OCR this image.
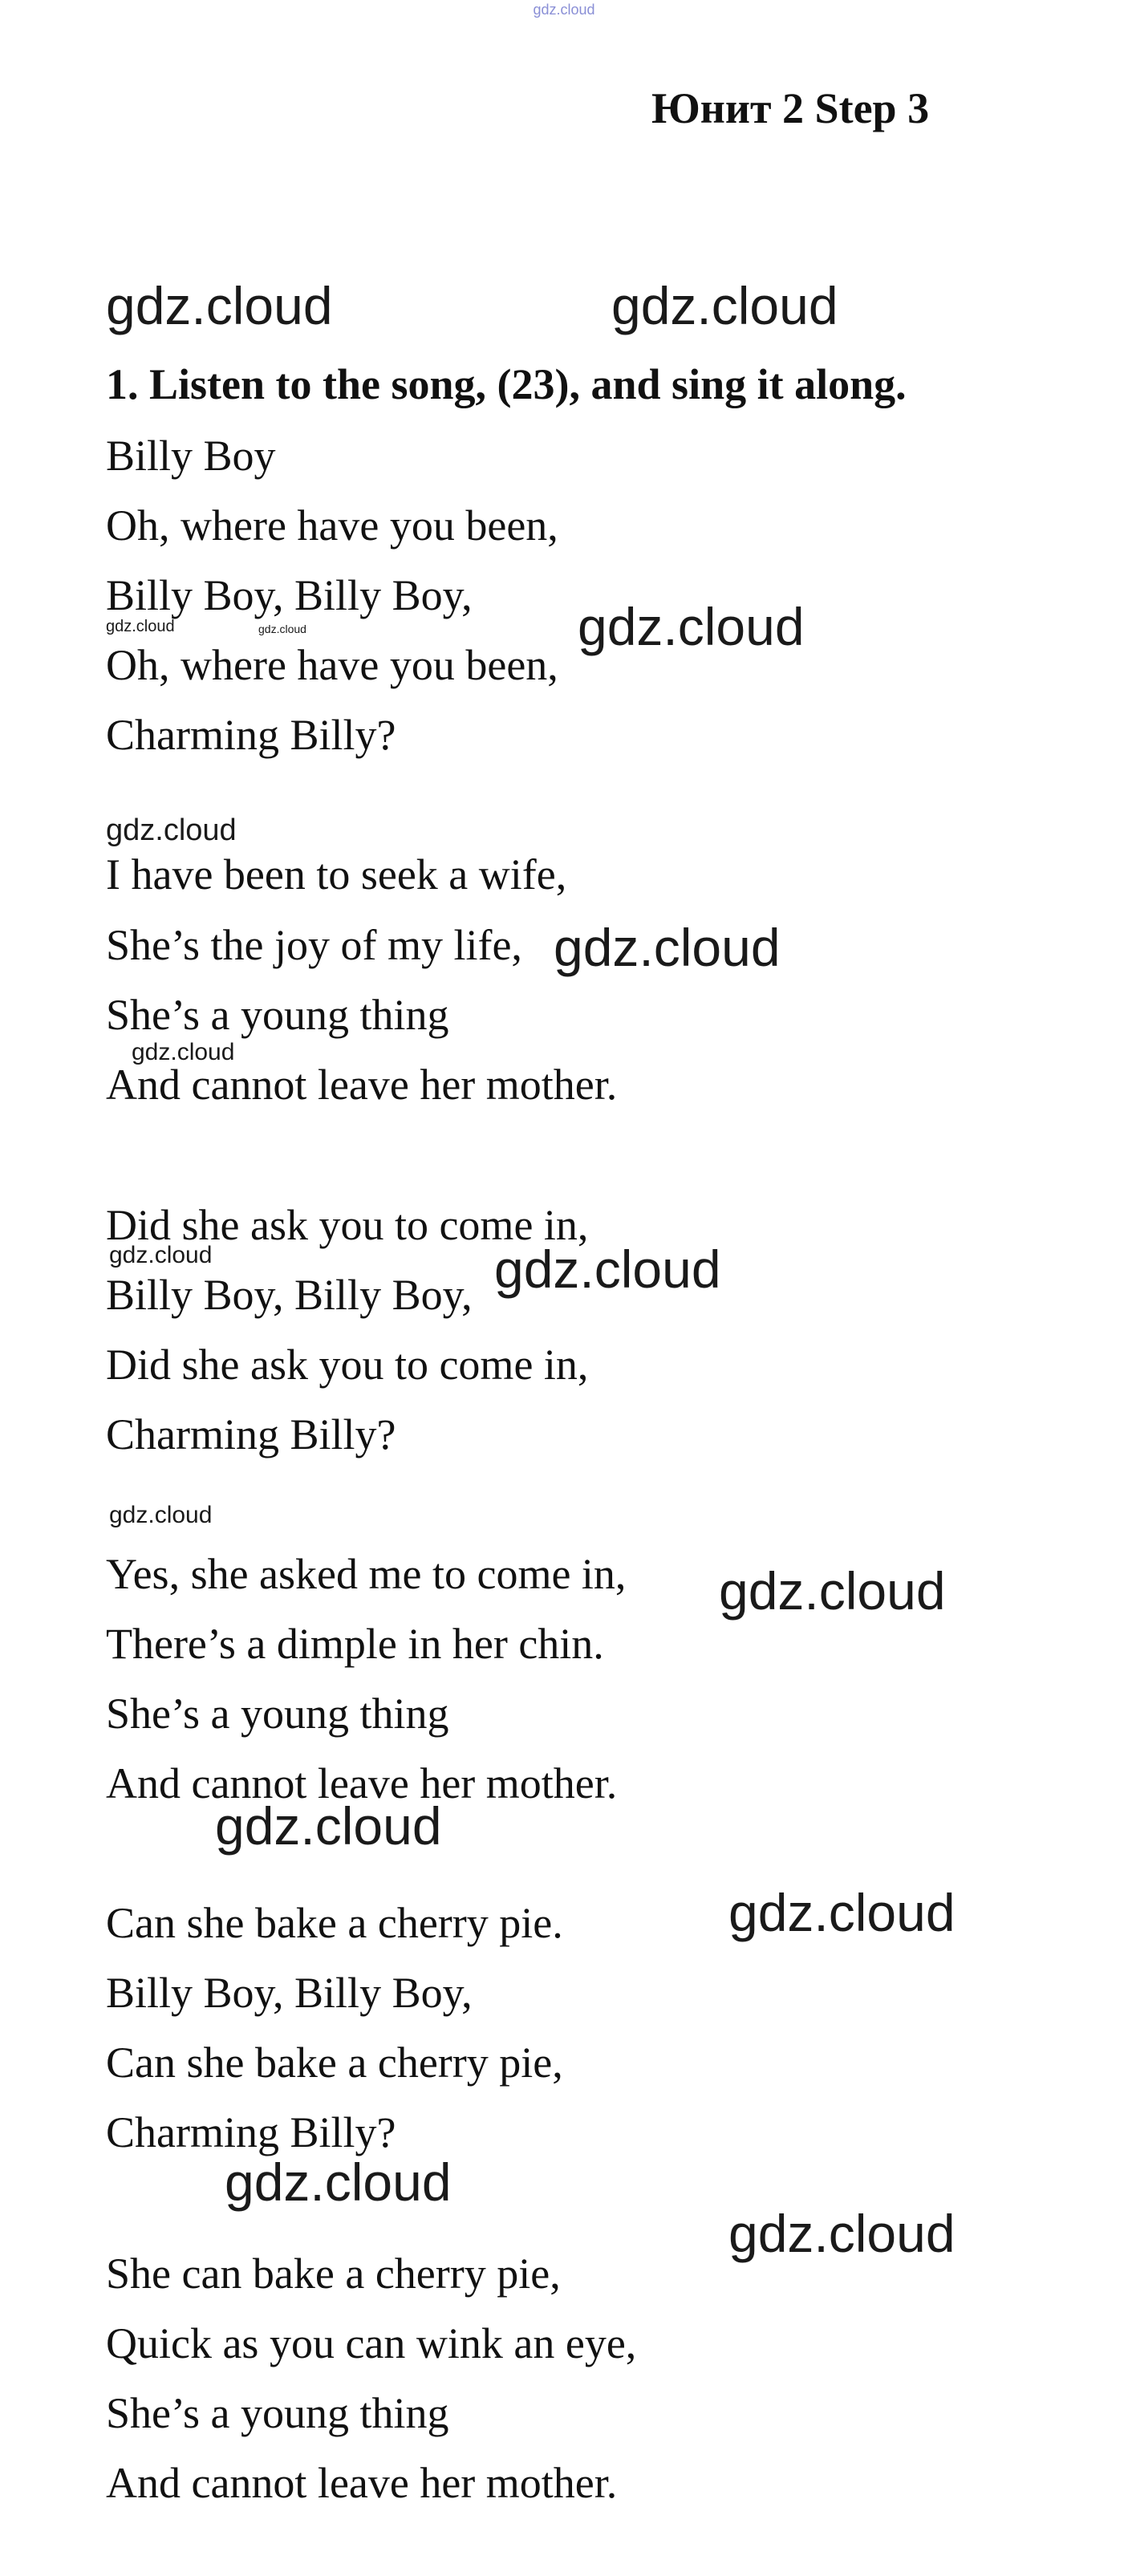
gdz.cloud
Юнит 2 Step 3
gdz.cloud	gdz.cloud
1. Listen to the song, (23), and sing it along.
Billy Boy
Oh, where have you been,
Billy Boy, Billy Boy,
gdz.cloud	gdz.cloud	gdz.cloud
Oh, where have you been,
Charming Billy?
gdz.cloud
I have been to seek a wife,
She’s the joy of my life, gdz.cloud
She’s a young thing
gdz.cloud
And cannot leave her mother.
Did she ask you to come in,
gdz.cloud	gdz.cloud
Billy Boy, Billy Boy,
Did she ask you to come in,
Charming Billy?
gdz.cloud
Yes, she asked me to come in, gdz.cloud
There’s a dimple in her chin.
She’s a young thing
And cannot leave her mother.
gdz.cloud
Can she bake a cherry pie.	gdz.cloud
Billy Boy, Billy Boy,
Can she bake a cherry pie,
Charming Billy?
gdz.cloud
gdz.cloud
She can bake a cherry pie,
Quick as you can wink an eye,
She’s a young thing
And cannot leave her mother.
